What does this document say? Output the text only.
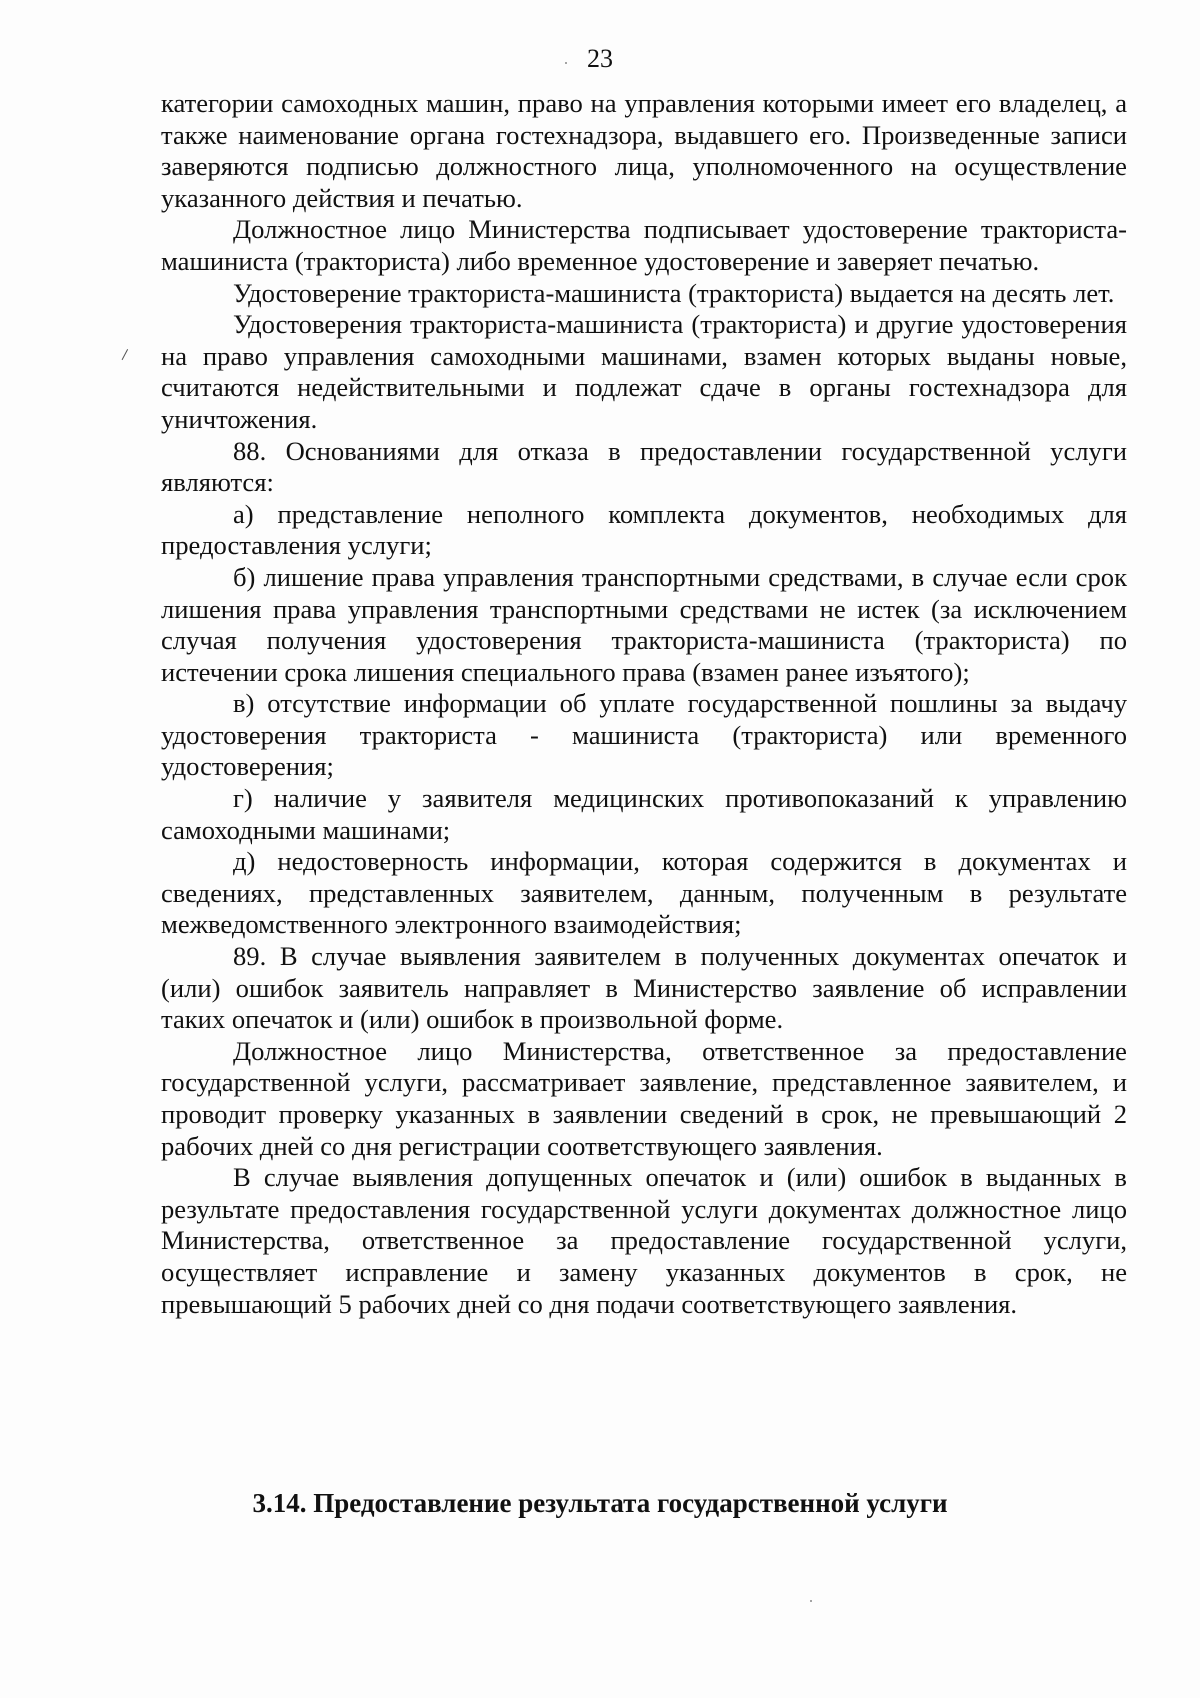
23

категории самоходных машин, право на управления которыми имеет его владелец, а также наименование органа гостехнадзора, выдавшего его. Произведенные записи заверяются подписью должностного лица, уполномоченного на осуществление указанного действия и печатью.

Должностное лицо Министерства подписывает удостоверение тракториста-машиниста (тракториста) либо временное удостоверение и заверяет печатью.

Удостоверение тракториста-машиниста (тракториста) выдается на десять лет.

Удостоверения тракториста-машиниста (тракториста) и другие удостоверения на право управления самоходными машинами, взамен которых выданы новые, считаются недействительными и подлежат сдаче в органы гостехнадзора для уничтожения.

88. Основаниями для отказа в предоставлении государственной услуги являются:

а) представление неполного комплекта документов, необходимых для предоставления услуги;

б) лишение права управления транспортными средствами, в случае если срок лишения права управления транспортными средствами не истек (за исключением случая получения удостоверения тракториста-машиниста (тракториста) по истечении срока лишения специального права (взамен ранее изъятого);

в) отсутствие информации об уплате государственной пошлины за выдачу удостоверения тракториста - машиниста (тракториста) или временного удостоверения;

г) наличие у заявителя медицинских противопоказаний к управлению самоходными машинами;

д) недостоверность информации, которая содержится в документах и сведениях, представленных заявителем, данным, полученным в результате межведомственного электронного взаимодействия;

89. В случае выявления заявителем в полученных документах опечаток и (или) ошибок заявитель направляет в Министерство заявление об исправлении таких опечаток и (или) ошибок в произвольной форме.

Должностное лицо Министерства, ответственное за предоставление государственной услуги, рассматривает заявление, представленное заявителем, и проводит проверку указанных в заявлении сведений в срок, не превышающий 2 рабочих дней со дня регистрации соответствующего заявления.

В случае выявления допущенных опечаток и (или) ошибок в выданных в результате предоставления государственной услуги документах должностное лицо Министерства, ответственное за предоставление государственной услуги, осуществляет исправление и замену указанных документов в срок, не превышающий 5 рабочих дней со дня подачи соответствующего заявления.

3.14. Предоставление результата государственной услуги
